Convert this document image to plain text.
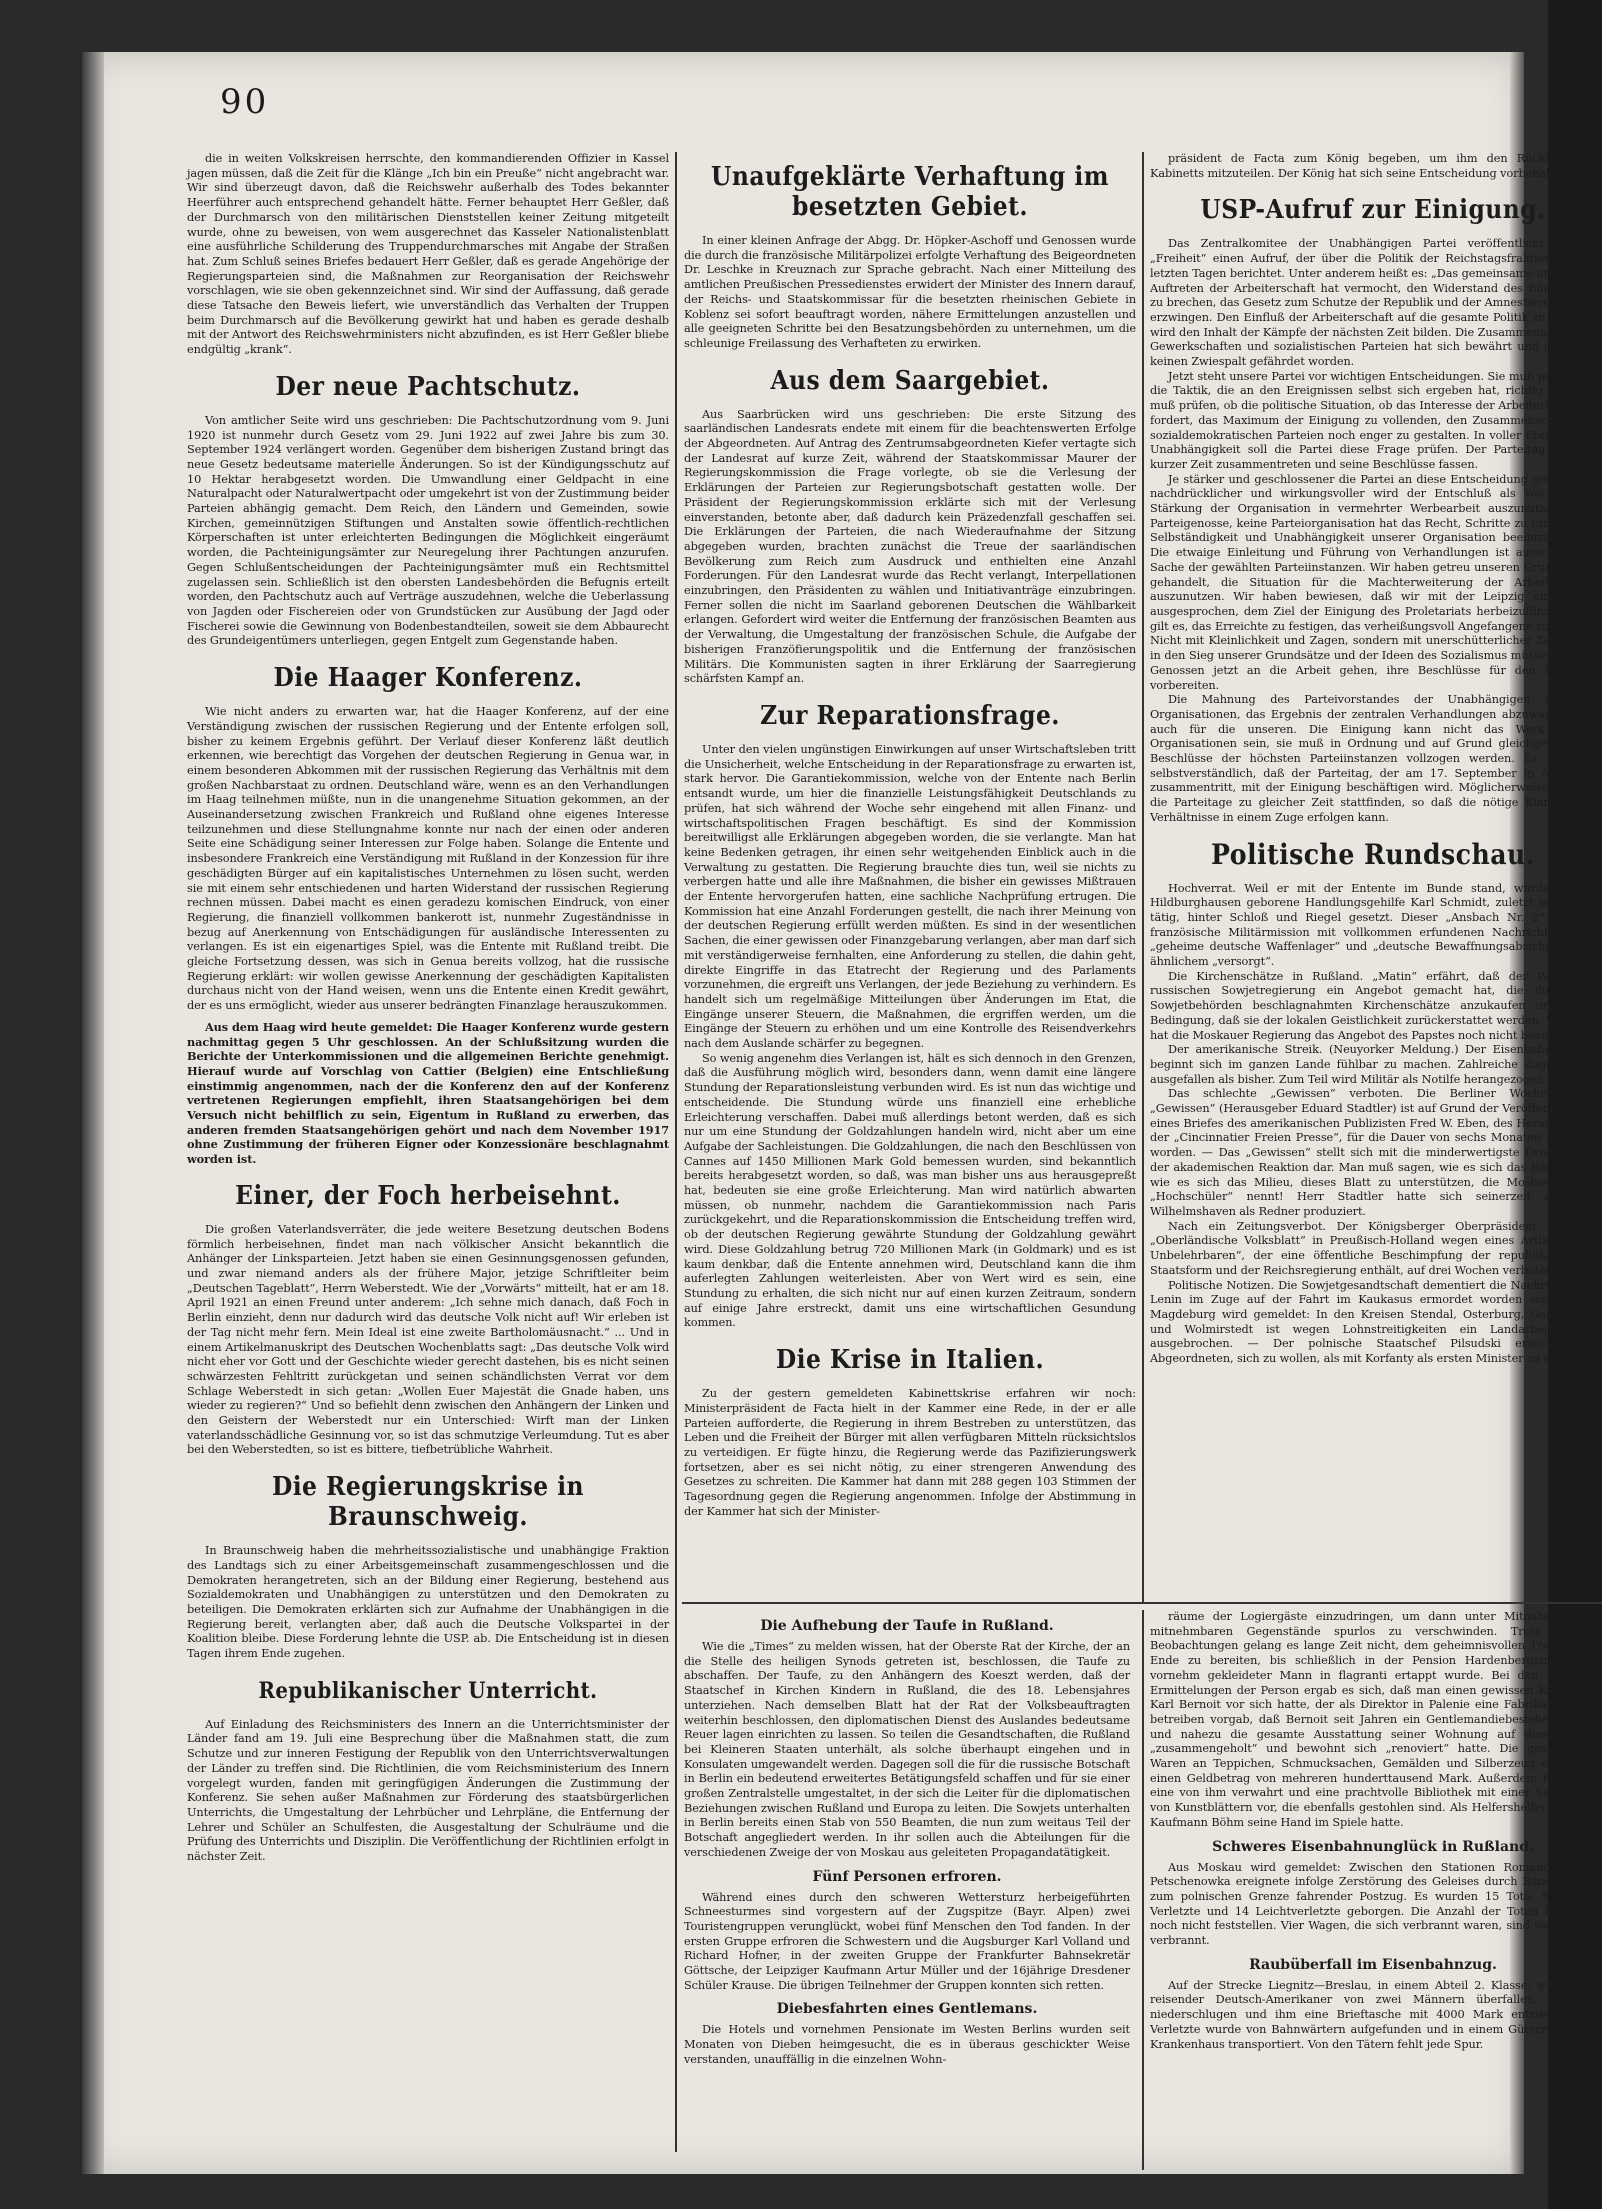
90

die in weiten Volkskreisen herrschte, den kommandierenden Offizier in Kassel jagen müssen, daß die Zeit für die Klänge „Ich bin ein Preuße“ nicht angebracht war. Wir sind überzeugt davon, daß die Reichswehr außerhalb des Todes bekannter Heerführer auch entsprechend gehandelt hätte. Ferner behauptet Herr Geßler, daß der Durchmarsch von den militärischen Dienststellen keiner Zeitung mitgeteilt wurde, ohne zu beweisen, von wem ausgerechnet das Kasseler Nationalistenblatt eine ausführliche Schilderung des Truppendurchmarsches mit Angabe der Straßen hat. Zum Schluß seines Briefes bedauert Herr Geßler, daß es gerade Angehörige der Regierungsparteien sind, die Maßnahmen zur Reorganisation der Reichswehr vorschlagen, wie sie oben gekennzeichnet sind. Wir sind der Auffassung, daß gerade diese Tatsache den Beweis liefert, wie unverständlich das Verhalten der Truppen beim Durchmarsch auf die Bevölkerung gewirkt hat und haben es gerade deshalb mit der Antwort des Reichswehrministers nicht abzufinden, es ist Herr Geßler bliebe endgültig „krank“.

Der neue Pachtschutz.

Von amtlicher Seite wird uns geschrieben: Die Pachtschutzordnung vom 9. Juni 1920 ist nunmehr durch Gesetz vom 29. Juni 1922 auf zwei Jahre bis zum 30. September 1924 verlängert worden. Gegenüber dem bisherigen Zustand bringt das neue Gesetz bedeutsame materielle Änderungen. So ist der Kündigungsschutz auf 10 Hektar herabgesetzt worden. Die Umwandlung einer Geldpacht in eine Naturalpacht oder Naturalwertpacht oder umgekehrt ist von der Zustimmung beider Parteien abhängig gemacht. Dem Reich, den Ländern und Gemeinden, sowie Kirchen, gemeinnützigen Stiftungen und Anstalten sowie öffentlich-rechtlichen Körperschaften ist unter erleichterten Bedingungen die Möglichkeit eingeräumt worden, die Pachteinigungsämter zur Neuregelung ihrer Pachtungen anzurufen. Gegen Schlußentscheidungen der Pachteinigungsämter muß ein Rechtsmittel zugelassen sein. Schließlich ist den obersten Landesbehörden die Befugnis erteilt worden, den Pachtschutz auch auf Verträge auszudehnen, welche die Ueberlassung von Jagden oder Fischereien oder von Grundstücken zur Ausübung der Jagd oder Fischerei sowie die Gewinnung von Bodenbestandteilen, soweit sie dem Abbaurecht des Grundeigentümers unterliegen, gegen Entgelt zum Gegenstande haben.

Die Haager Konferenz.

Wie nicht anders zu erwarten war, hat die Haager Konferenz, auf der eine Verständigung zwischen der russischen Regierung und der Entente erfolgen soll, bisher zu keinem Ergebnis geführt. Der Verlauf dieser Konferenz läßt deutlich erkennen, wie berechtigt das Vorgehen der deutschen Regierung in Genua war, in einem besonderen Abkommen mit der russischen Regierung das Verhältnis mit dem großen Nachbarstaat zu ordnen. Deutschland wäre, wenn es an den Verhandlungen im Haag teilnehmen müßte, nun in die unangenehme Situation gekommen, an der Auseinandersetzung zwischen Frankreich und Rußland ohne eigenes Interesse teilzunehmen und diese Stellungnahme konnte nur nach der einen oder anderen Seite eine Schädigung seiner Interessen zur Folge haben. Solange die Entente und insbesondere Frankreich eine Verständigung mit Rußland in der Konzession für ihre geschädigten Bürger auf ein kapitalistisches Unternehmen zu lösen sucht, werden sie mit einem sehr entschiedenen und harten Widerstand der russischen Regierung rechnen müssen. Dabei macht es einen geradezu komischen Eindruck, von einer Regierung, die finanziell vollkommen bankerott ist, nunmehr Zugeständnisse in bezug auf Anerkennung von Entschädigungen für ausländische Interessenten zu verlangen. Es ist ein eigenartiges Spiel, was die Entente mit Rußland treibt. Die gleiche Fortsetzung dessen, was sich in Genua bereits vollzog, hat die russische Regierung erklärt: wir wollen gewisse Anerkennung der geschädigten Kapitalisten durchaus nicht von der Hand weisen, wenn uns die Entente einen Kredit gewährt, der es uns ermöglicht, wieder aus unserer bedrängten Finanzlage herauszukommen.

Aus dem Haag wird heute gemeldet: Die Haager Konferenz wurde gestern nachmittag gegen 5 Uhr geschlossen. An der Schlußsitzung wurden die Berichte der Unterkommissionen und die allgemeinen Berichte genehmigt. Hierauf wurde auf Vorschlag von Cattier (Belgien) eine Entschließung einstimmig angenommen, nach der die Konferenz den auf der Konferenz vertretenen Regierungen empfiehlt, ihren Staatsangehörigen bei dem Versuch nicht behilflich zu sein, Eigentum in Rußland zu erwerben, das anderen fremden Staatsangehörigen gehört und nach dem November 1917 ohne Zustimmung der früheren Eigner oder Konzessionäre beschlagnahmt worden ist.

Einer, der Foch herbeisehnt.

Die großen Vaterlandsverräter, die jede weitere Besetzung deutschen Bodens förmlich herbeisehnen, findet man nach völkischer Ansicht bekanntlich die Anhänger der Linksparteien. Jetzt haben sie einen Gesinnungsgenossen gefunden, und zwar niemand anders als der frühere Major, jetzige Schriftleiter beim „Deutschen Tageblatt“, Herrn Weberstedt. Wie der „Vorwärts“ mitteilt, hat er am 18. April 1921 an einen Freund unter anderem: „Ich sehne mich danach, daß Foch in Berlin einzieht, denn nur dadurch wird das deutsche Volk nicht auf! Wir erleben ist der Tag nicht mehr fern. Mein Ideal ist eine zweite Bartholomäusnacht.“ ... Und in einem Artikelmanuskript des Deutschen Wochenblatts sagt: „Das deutsche Volk wird nicht eher vor Gott und der Geschichte wieder gerecht dastehen, bis es nicht seinen schwärzesten Fehltritt zurückgetan und seinen schändlichsten Verrat vor dem Schlage Weberstedt in sich getan: „Wollen Euer Majestät die Gnade haben, uns wieder zu regieren?“ Und so befiehlt denn zwischen den Anhängern der Linken und den Geistern der Weberstedt nur ein Unterschied: Wirft man der Linken vaterlandsschädliche Gesinnung vor, so ist das schmutzige Verleumdung. Tut es aber bei den Weberstedten, so ist es bittere, tiefbetrübliche Wahrheit.

Die Regierungskrise in Braunschweig.

In Braunschweig haben die mehrheitssozialistische und unabhängige Fraktion des Landtags sich zu einer Arbeitsgemeinschaft zusammengeschlossen und die Demokraten herangetreten, sich an der Bildung einer Regierung, bestehend aus Sozialdemokraten und Unabhängigen zu unterstützen und den Demokraten zu beteiligen. Die Demokraten erklärten sich zur Aufnahme der Unabhängigen in die Regierung bereit, verlangten aber, daß auch die Deutsche Volkspartei in der Koalition bleibe. Diese Forderung lehnte die USP. ab. Die Entscheidung ist in diesen Tagen ihrem Ende zugehen.

Republikanischer Unterricht.

Auf Einladung des Reichsministers des Innern an die Unterrichtsminister der Länder fand am 19. Juli eine Besprechung über die Maßnahmen statt, die zum Schutze und zur inneren Festigung der Republik von den Unterrichtsverwaltungen der Länder zu treffen sind. Die Richtlinien, die vom Reichsministerium des Innern vorgelegt wurden, fanden mit geringfügigen Änderungen die Zustimmung der Konferenz. Sie sehen außer Maßnahmen zur Förderung des staatsbürgerlichen Unterrichts, die Umgestaltung der Lehrbücher und Lehrpläne, die Entfernung der Lehrer und Schüler an Schulfesten, die Ausgestaltung der Schulräume und die Prüfung des Unterrichts und Disziplin. Die Veröffentlichung der Richtlinien erfolgt in nächster Zeit.

Unaufgeklärte Verhaftung im besetzten Gebiet.

In einer kleinen Anfrage der Abgg. Dr. Höpker-Aschoff und Genossen wurde die durch die französische Militärpolizei erfolgte Verhaftung des Beigeordneten Dr. Leschke in Kreuznach zur Sprache gebracht. Nach einer Mitteilung des amtlichen Preußischen Pressedienstes erwidert der Minister des Innern darauf, der Reichs- und Staatskommissar für die besetzten rheinischen Gebiete in Koblenz sei sofort beauftragt worden, nähere Ermittelungen anzustellen und alle geeigneten Schritte bei den Besatzungsbehörden zu unternehmen, um die schleunige Freilassung des Verhafteten zu erwirken.

Aus dem Saargebiet.

Aus Saarbrücken wird uns geschrieben: Die erste Sitzung des saarländischen Landesrats endete mit einem für die beachtenswerten Erfolge der Abgeordneten. Auf Antrag des Zentrumsabgeordneten Kiefer vertagte sich der Landesrat auf kurze Zeit, während der Staatskommissar Maurer der Regierungskommission die Frage vorlegte, ob sie die Verlesung der Erklärungen der Parteien zur Regierungsbotschaft gestatten wolle. Der Präsident der Regierungskommission erklärte sich mit der Verlesung einverstanden, betonte aber, daß dadurch kein Präzedenzfall geschaffen sei. Die Erklärungen der Parteien, die nach Wiederaufnahme der Sitzung abgegeben wurden, brachten zunächst die Treue der saarländischen Bevölkerung zum Reich zum Ausdruck und enthielten eine Anzahl Forderungen. Für den Landesrat wurde das Recht verlangt, Interpellationen einzubringen, den Präsidenten zu wählen und Initiativanträge einzubringen. Ferner sollen die nicht im Saarland geborenen Deutschen die Wählbarkeit erlangen. Gefordert wird weiter die Entfernung der französischen Beamten aus der Verwaltung, die Umgestaltung der französischen Schule, die Aufgabe der bisherigen Franzöfierungspolitik und die Entfernung der französischen Militärs. Die Kommunisten sagten in ihrer Erklärung der Saarregierung schärfsten Kampf an.

Zur Reparationsfrage.

Unter den vielen ungünstigen Einwirkungen auf unser Wirtschaftsleben tritt die Unsicherheit, welche Entscheidung in der Reparationsfrage zu erwarten ist, stark hervor. Die Garantiekommission, welche von der Entente nach Berlin entsandt wurde, um hier die finanzielle Leistungsfähigkeit Deutschlands zu prüfen, hat sich während der Woche sehr eingehend mit allen Finanz- und wirtschaftspolitischen Fragen beschäftigt. Es sind der Kommission bereitwilligst alle Erklärungen abgegeben worden, die sie verlangte. Man hat keine Bedenken getragen, ihr einen sehr weitgehenden Einblick auch in die Verwaltung zu gestatten. Die Regierung brauchte dies tun, weil sie nichts zu verbergen hatte und alle ihre Maßnahmen, die bisher ein gewisses Mißtrauen der Entente hervorgerufen hatten, eine sachliche Nachprüfung ertrugen. Die Kommission hat eine Anzahl Forderungen gestellt, die nach ihrer Meinung von der deutschen Regierung erfüllt werden müßten. Es sind in der wesentlichen Sachen, die einer gewissen oder Finanzgebarung verlangen, aber man darf sich mit verständigerweise fernhalten, eine Anforderung zu stellen, die dahin geht, direkte Eingriffe in das Etatrecht der Regierung und des Parlaments vorzunehmen, die ergreift uns Verlangen, der jede Beziehung zu verhindern. Es handelt sich um regelmäßige Mitteilungen über Änderungen im Etat, die Eingänge unserer Steuern, die Maßnahmen, die ergriffen werden, um die Eingänge der Steuern zu erhöhen und um eine Kontrolle des Reisendverkehrs nach dem Auslande schärfer zu begegnen.

So wenig angenehm dies Verlangen ist, hält es sich dennoch in den Grenzen, daß die Ausführung möglich wird, besonders dann, wenn damit eine längere Stundung der Reparationsleistung verbunden wird. Es ist nun das wichtige und entscheidende. Die Stundung würde uns finanziell eine erhebliche Erleichterung verschaffen. Dabei muß allerdings betont werden, daß es sich nur um eine Stundung der Goldzahlungen handeln wird, nicht aber um eine Aufgabe der Sachleistungen. Die Goldzahlungen, die nach den Beschlüssen von Cannes auf 1450 Millionen Mark Gold bemessen wurden, sind bekanntlich bereits herabgesetzt worden, so daß, was man bisher uns aus herausgepreßt hat, bedeuten sie eine große Erleichterung. Man wird natürlich abwarten müssen, ob nunmehr, nachdem die Garantiekommission nach Paris zurückgekehrt, und die Reparationskommission die Entscheidung treffen wird, ob der deutschen Regierung gewährte Stundung der Goldzahlung gewährt wird. Diese Goldzahlung betrug 720 Millionen Mark (in Goldmark) und es ist kaum denkbar, daß die Entente annehmen wird, Deutschland kann die ihm auferlegten Zahlungen weiterleisten. Aber von Wert wird es sein, eine Stundung zu erhalten, die sich nicht nur auf einen kurzen Zeitraum, sondern auf einige Jahre erstreckt, damit uns eine wirtschaftlichen Gesundung kommen.

Die Krise in Italien.

Zu der gestern gemeldeten Kabinettskrise erfahren wir noch: Ministerpräsident de Facta hielt in der Kammer eine Rede, in der er alle Parteien aufforderte, die Regierung in ihrem Bestreben zu unterstützen, das Leben und die Freiheit der Bürger mit allen verfügbaren Mitteln rücksichtslos zu verteidigen. Er fügte hinzu, die Regierung werde das Pazifizierungswerk fortsetzen, aber es sei nicht nötig, zu einer strengeren Anwendung des Gesetzes zu schreiten. Die Kammer hat dann mit 288 gegen 103 Stimmen der Tagesordnung gegen die Regierung angenommen. Infolge der Abstimmung in der Kammer hat sich der Minister-

präsident de Facta zum König begeben, um ihm den Rücktritt des Kabinetts mitzuteilen. Der König hat sich seine Entscheidung vorbehalten.

USP-Aufruf zur Einigung.

Das Zentralkomitee der Unabhängigen Partei veröffentlicht in der „Freiheit“ einen Aufruf, der über die Politik der Reichstagsfraktion in den letzten Tagen berichtet. Unter anderem heißt es: „Das gemeinsame und einige Auftreten der Arbeiterschaft hat vermocht, den Widerstand des Bürgertums zu brechen, das Gesetz zum Schutze der Republik und der Amnestievorlage zu erzwingen. Den Einfluß der Arbeiterschaft auf die gesamte Politik zu stärken, wird den Inhalt der Kämpfe der nächsten Zeit bilden. Die Zusammenarbeit der Gewerkschaften und sozialistischen Parteien hat sich bewährt und ist durch keinen Zwiespalt gefährdet worden.

Jetzt steht unsere Partei vor wichtigen Entscheidungen. Sie muß prüfen, ob die Taktik, die an den Ereignissen selbst sich ergeben hat, richtig war. Sie muß prüfen, ob die politische Situation, ob das Interesse der Arbeiterklasse es fordert, das Maximum der Einigung zu vollenden, den Zusammenschluß der sozialdemokratischen Parteien noch enger zu gestalten. In voller Freiheit und Unabhängigkeit soll die Partei diese Frage prüfen. Der Parteitag wird in kurzer Zeit zusammentreten und seine Beschlüsse fassen.

Je stärker und geschlossener die Partei an diese Entscheidung geht, desto nachdrücklicher und wirkungsvoller wird der Entschluß als Wochen der Stärkung der Organisation in vermehrter Werbearbeit auszunutzen. Kein Parteigenosse, keine Parteiorganisation hat das Recht, Schritte zu tun, die die Selbständigkeit und Unabhängigkeit unserer Organisation beeinträchtigen. Die etwaige Einleitung und Führung von Verhandlungen ist ausschließlich Sache der gewählten Parteiinstanzen. Wir haben getreu unseren Grundsätzen gehandelt, die Situation für die Machterweiterung der Arbeiterklasse auszunutzen. Wir haben bewiesen, daß wir mit der Leipzig einstimmig ausgesprochen, dem Ziel der Einigung des Proletariats herbeizuführen. Nun gilt es, das Erreichte zu festigen, das verheißungsvoll Angefangene zu krönen. Nicht mit Kleinlichkeit und Zagen, sondern mit unerschütterlicher Zuversicht in den Sieg unserer Grundsätze und der Ideen des Sozialismus müssen unsere Genossen jetzt an die Arbeit gehen, ihre Beschlüsse für den Parteitag vorbereiten.

Die Mahnung des Parteivorstandes der Unabhängigen an ihre Organisationen, das Ergebnis der zentralen Verhandlungen abzuwarten, gilt auch für die unseren. Die Einigung kann nicht das Werk lokaler Organisationen sein, sie muß in Ordnung und auf Grund gleichgerichteter Beschlüsse der höchsten Parteiinstanzen vollzogen werden. Es ist ganz selbstverständlich, daß der Parteitag, der am 17. September in Augsburg zusammentritt, mit der Einigung beschäftigen wird. Möglicherweise werden die Parteitage zu gleicher Zeit stattfinden, so daß die nötige Klärung der Verhältnisse in einem Zuge erfolgen kann.

Politische Rundschau.

Hochverrat. Weil er mit der Entente im Bunde stand, wurde der in Hildburghausen geborene Handlungsgehilfe Karl Schmidt, zuletzt in Leipzig tätig, hinter Schloß und Riegel gesetzt. Dieser „Ansbach Nr. 2“ hat die französische Militärmission mit vollkommen erfundenen Nachrichten über „geheime deutsche Waffenlager“ und „deutsche Bewaffnungsabsichten“ und ähnlichem „versorgt“.

Die Kirchenschätze in Rußland. „Matin“ erfährt, daß der Papst der russischen Sowjetregierung ein Angebot gemacht hat, die durch die Sowjetbehörden beschlagnahmten Kirchenschätze anzukaufen unter der Bedingung, daß sie der lokalen Geistlichkeit zurückerstattet werden. Wie jetzt hat die Moskauer Regierung das Angebot des Papstes noch nicht beantwortet.

Der amerikanische Streik. (Neuyorker Meldung.) Der Eisenbahnerstreik beginnt sich im ganzen Lande fühlbar zu machen. Zahlreiche Züge fahren ausgefallen als bisher. Zum Teil wird Militär als Notilfe herangezogen.

Das schlechte „Gewissen“ verboten. Die Berliner Wochenzeitung „Gewissen“ (Herausgeber Eduard Stadtler) ist auf Grund der Veröffentlichung eines Briefes des amerikanischen Publizisten Fred W. Eben, des Herausgebers der „Cincinnatier Freien Presse“, für die Dauer von sechs Monaten verboten worden. — Das „Gewissen“ stellt sich mit die minderwertigste Druckschrift der akademischen Reaktion dar. Man muß sagen, wie es sich das Bürgertum, wie es sich das Milieu, dieses Blatt zu unterstützen, die Mosbacher der „Hochschüler“ nennt! Herr Stadtler hatte sich seinerzeit auch in Wilhelmshaven als Redner produziert.

Nach ein Zeitungsverbot. Der Königsberger Oberpräsident hat das „Oberländische Volksblatt“ in Preußisch-Holland wegen eines Artikels „Die Unbelehrbaren“, der eine öffentliche Beschimpfung der republikanischen Staatsform und der Reichsregierung enthält, auf drei Wochen verboten.

Politische Notizen. Die Sowjetgesandtschaft dementiert die Nachricht, daß Lenin im Zuge auf der Fahrt im Kaukasus ermordet worden sei. — Aus Magdeburg wird gemeldet: In den Kreisen Stendal, Osterburg, Gardelegen und Wolmirstedt ist wegen Lohnstreitigkeiten ein Landarbeiterstreik ausgebrochen. — Der polnische Staatschef Pilsudski ersuchte die Abgeordneten, sich zu wollen, als mit Korfanty als ersten Minister zu arbeiten.

Die Aufhebung der Taufe in Rußland.

Wie die „Times“ zu melden wissen, hat der Oberste Rat der Kirche, der an die Stelle des heiligen Synods getreten ist, beschlossen, die Taufe zu abschaffen. Der Taufe, zu den Anhängern des Koeszt werden, daß der Staatschef in Kirchen Kindern in Rußland, die des 18. Lebensjahres unterziehen. Nach demselben Blatt hat der Rat der Volksbeauftragten weiterhin beschlossen, den diplomatischen Dienst des Auslandes bedeutsame Reuer lagen einrichten zu lassen. So teilen die Gesandtschaften, die Rußland bei Kleineren Staaten unterhält, als solche überhaupt eingehen und in Konsulaten umgewandelt werden. Dagegen soll die für die russische Botschaft in Berlin ein bedeutend erweitertes Betätigungsfeld schaffen und für sie einer großen Zentralstelle umgestaltet, in der sich die Leiter für die diplomatischen Beziehungen zwischen Rußland und Europa zu leiten. Die Sowjets unterhalten in Berlin bereits einen Stab von 550 Beamten, die nun zum weitaus Teil der Botschaft angegliedert werden. In ihr sollen auch die Abteilungen für die verschiedenen Zweige der von Moskau aus geleiteten Propagandatätigkeit.

Fünf Personen erfroren.

Während eines durch den schweren Wettersturz herbeigeführten Schneesturmes sind vorgestern auf der Zugspitze (Bayr. Alpen) zwei Touristengruppen verunglückt, wobei fünf Menschen den Tod fanden. In der ersten Gruppe erfroren die Schwestern und die Augsburger Karl Volland und Richard Hofner, in der zweiten Gruppe der Frankfurter Bahnsekretär Göttsche, der Leipziger Kaufmann Artur Müller und der 16jährige Dresdener Schüler Krause. Die übrigen Teilnehmer der Gruppen konnten sich retten.

Diebesfahrten eines Gentlemans.

Die Hotels und vornehmen Pensionate im Westen Berlins wurden seit Monaten von Dieben heimgesucht, die es in überaus geschickter Weise verstanden, unauffällig in die einzelnen Wohn-

räume der Logiergäste einzudringen, um dann unter Mitnahme alles mitnehmbaren Gegenstände spurlos zu verschwinden. Trotz eifriger Beobachtungen gelang es lange Zeit nicht, dem geheimnisvollen Treiben ein Ende zu bereiten, bis schließlich in der Pension Hardenbergstraße ein vornehm gekleideter Mann in flagranti ertappt wurde. Bei den weiteren Ermittelungen der Person ergab es sich, daß man einen gewissen Kaufmann Karl Bernoit vor sich hatte, der als Direktor in Palenie eine Fabrikanlage zu betreiben vorgab, daß Bernoit seit Jahren ein Gentlemandiebesleben führte und nahezu die gesamte Ausstattung seiner Wohnung auf diese Weise „zusammengeholt“ und bewohnt sich „renoviert“ hatte. Die gestohlenen Waren an Teppichen, Schmucksachen, Gemälden und Silberzeug erreichen einen Geldbetrag von mehreren hunderttausend Mark. Außerdem fand sich eine von ihm verwahrt und eine prachtvolle Bibliothek mit einer Sammlung von Kunstblättern vor, die ebenfalls gestohlen sind. Als Helfershelfer war der Kaufmann Böhm seine Hand im Spiele hatte.

Schweres Eisenbahnunglück in Rußland.

Aus Moskau wird gemeldet: Zwischen den Stationen Romanowo und Petschenowka ereignete infolge Zerstörung des Geleises durch Banditen ein zum polnischen Grenze fahrender Postzug. Es wurden 15 Tote, 5 schwer Verletzte und 14 Leichtverletzte geborgen. Die Anzahl der Toten läßt sich noch nicht feststellen. Vier Wagen, die sich verbrannt waren, sind vollständig verbrannt.

Raubüberfall im Eisenbahnzug.

Auf der Strecke Liegnitz—Breslau, in einem Abteil 2. Klasse, wurde ein reisender Deutsch-Amerikaner von zwei Männern überfallen, die ihn niederschlugen und ihm eine Brieftasche mit 4000 Mark entrissen. Der Verletzte wurde von Bahnwärtern aufgefunden und in einem Güterzuge zum Krankenhaus transportiert. Von den Tätern fehlt jede Spur.
